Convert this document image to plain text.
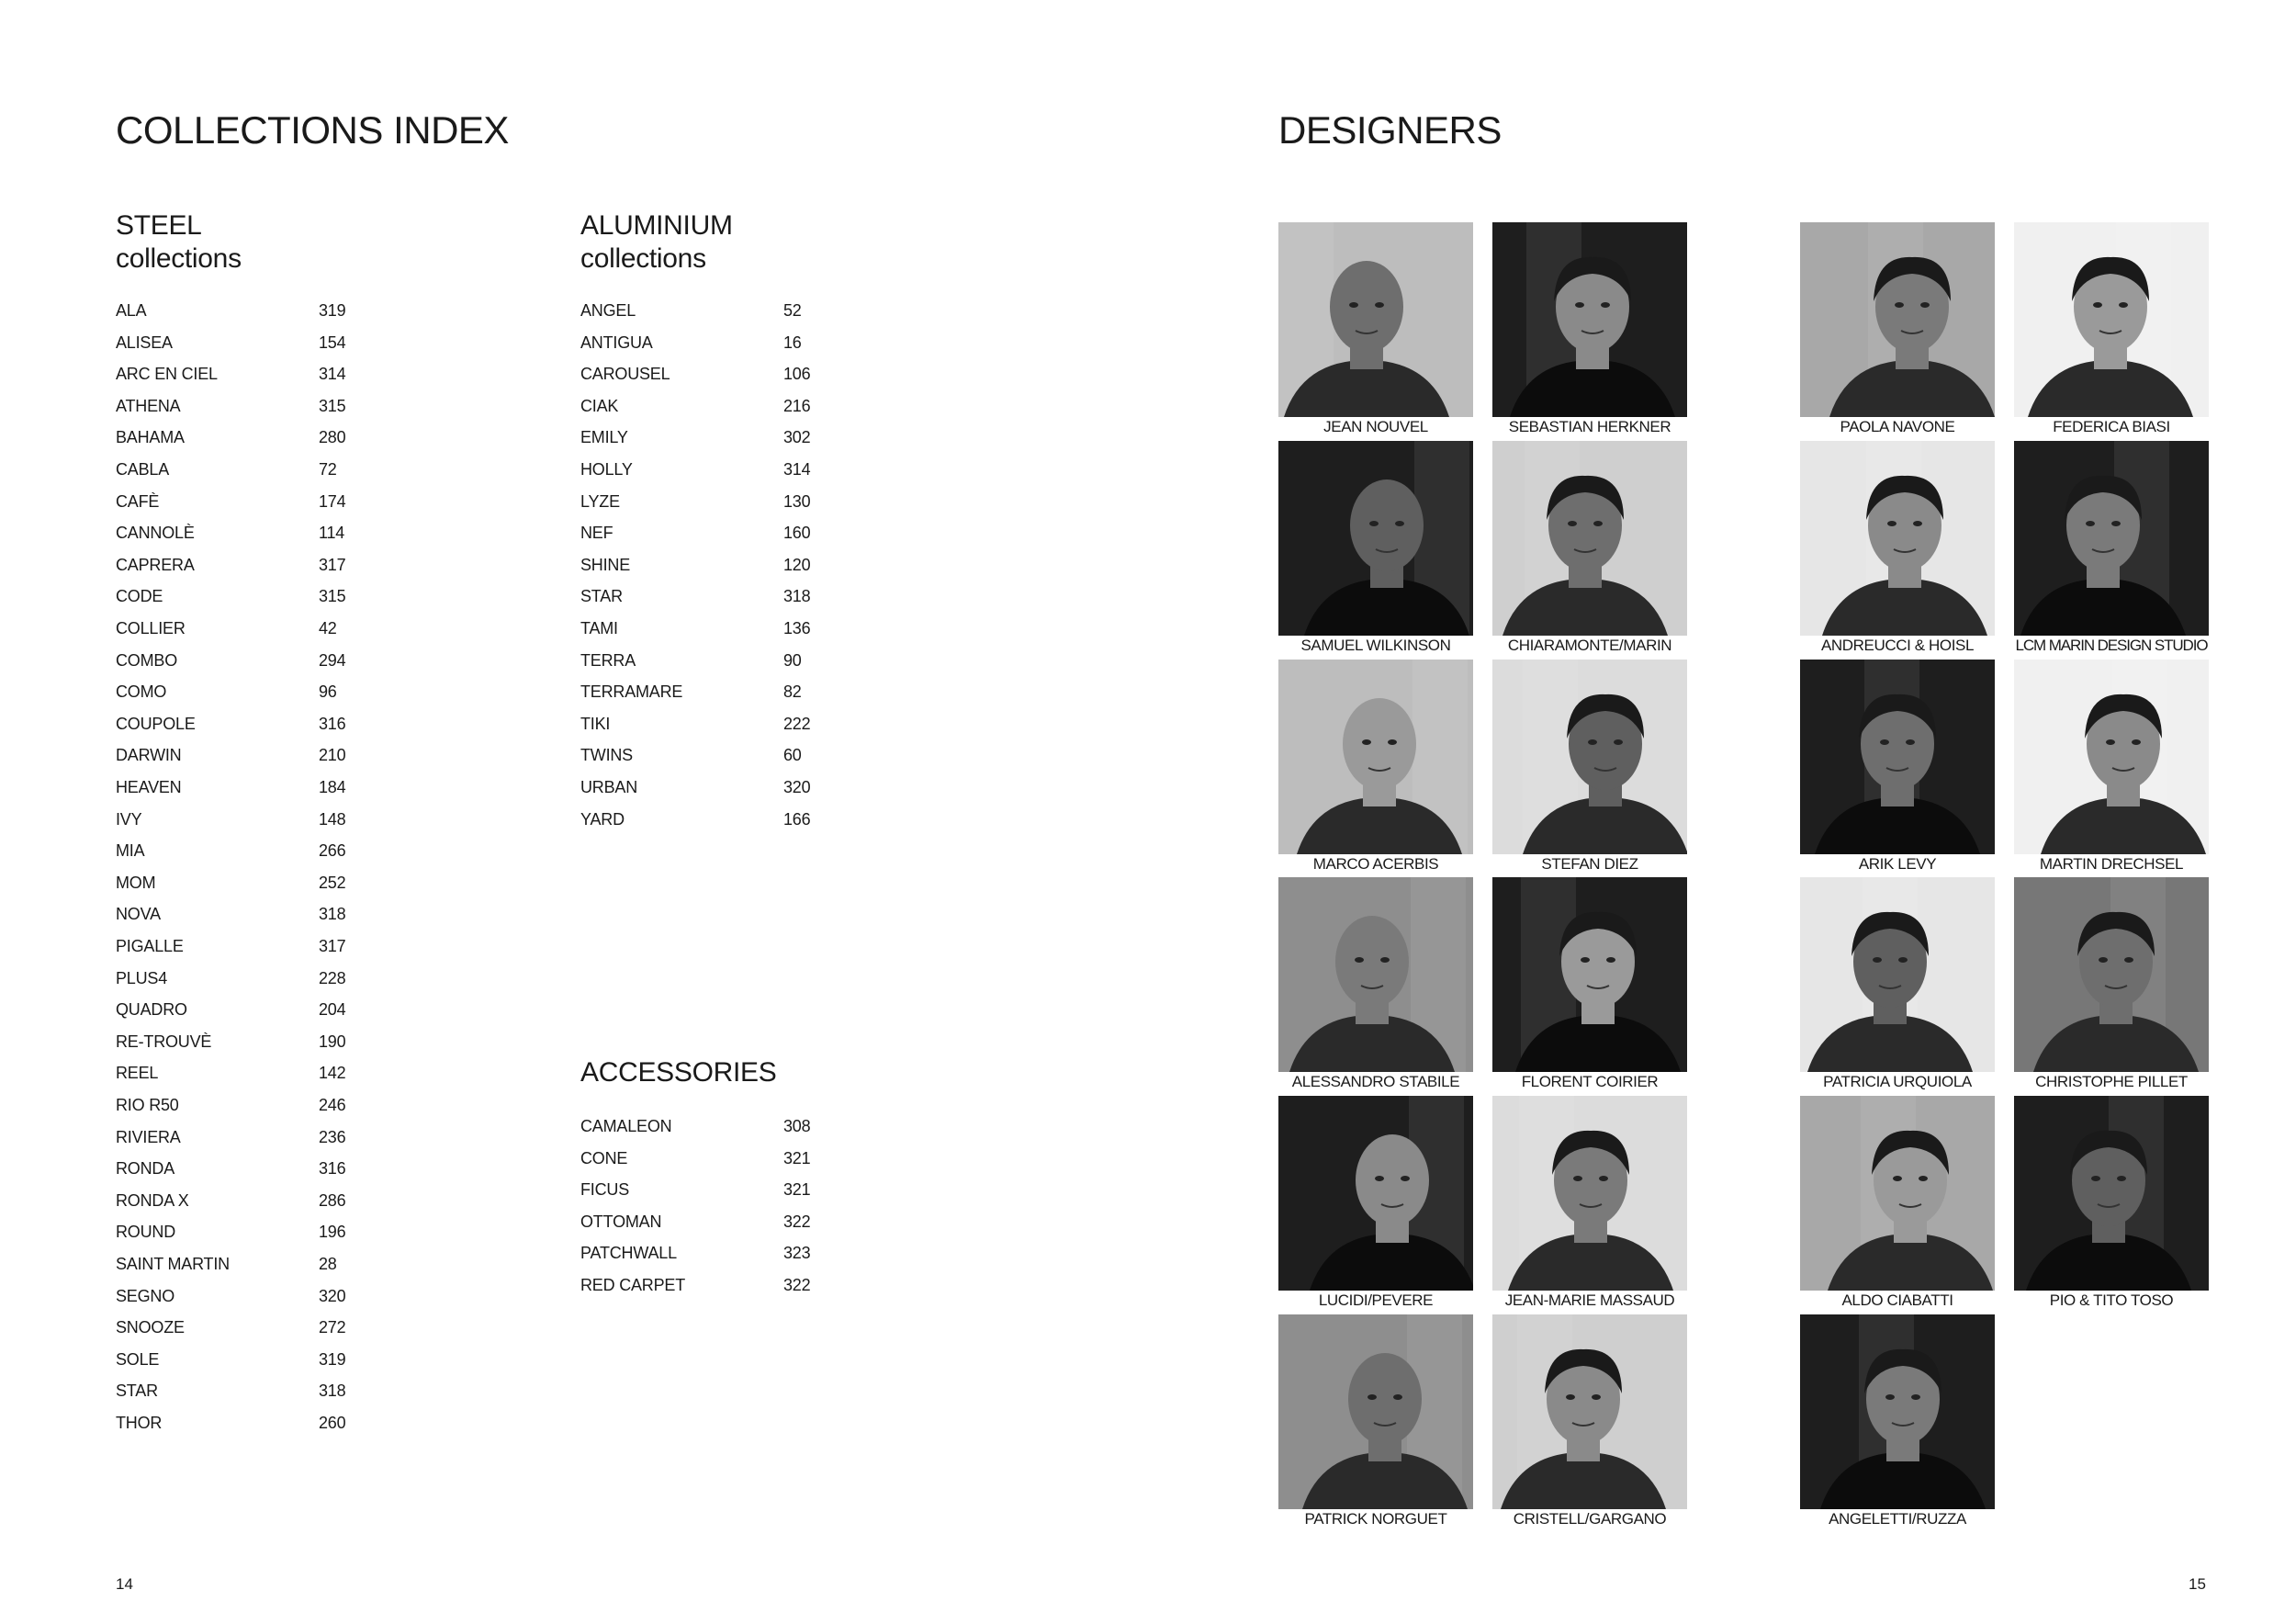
COLLECTIONS INDEX
STEEL
collections
ALA	319
ALISEA	154
ARC EN CIEL	314
ATHENA	315
BAHAMA	280
CABLA	72
CAFÈ	174
CANNOLÈ	114
CAPRERA	317
CODE	315
COLLIER	42
COMBO	294
COMO	96
COUPOLE	316
DARWIN	210
HEAVEN	184
IVY	148
MIA	266
MOM	252
NOVA	318
PIGALLE	317
PLUS4	228
QUADRO	204
RE-TROUVÈ	190
REEL	142
RIO R50	246
RIVIERA	236
RONDA	316
RONDA X	286
ROUND	196
SAINT MARTIN	28
SEGNO	320
SNOOZE	272
SOLE	319
STAR	318
THOR	260
ALUMINIUM
collections
ANGEL	52
ANTIGUA	16
CAROUSEL	106
CIAK	216
EMILY	302
HOLLY	314
LYZE	130
NEF	160
SHINE	120
STAR	318
TAMI	136
TERRA	90
TERRAMARE	82
TIKI	222
TWINS	60
URBAN	320
YARD	166
ACCESSORIES
CAMALEON	308
CONE	321
FICUS	321
OTTOMAN	322
PATCHWALL	323
RED CARPET	322
14
DESIGNERS
JEAN NOUVEL	SEBASTIAN HERKNER	PAOLA NAVONE	FEDERICA BIASI
SAMUEL WILKINSON	CHIARAMONTE/MARIN	ANDREUCCI & HOISL	LCM MARIN DESIGN STUDIO
MARCO ACERBIS	STEFAN DIEZ	ARIK LEVY	MARTIN DRECHSEL
ALESSANDRO STABILE	FLORENT COIRIER	PATRICIA URQUIOLA	CHRISTOPHE PILLET
LUCIDI/PEVERE	JEAN-MARIE MASSAUD	ALDO CIABATTI	PIO & TITO TOSO
PATRICK NORGUET	CRISTELL/GARGANO	ANGELETTI/RUZZA
15
